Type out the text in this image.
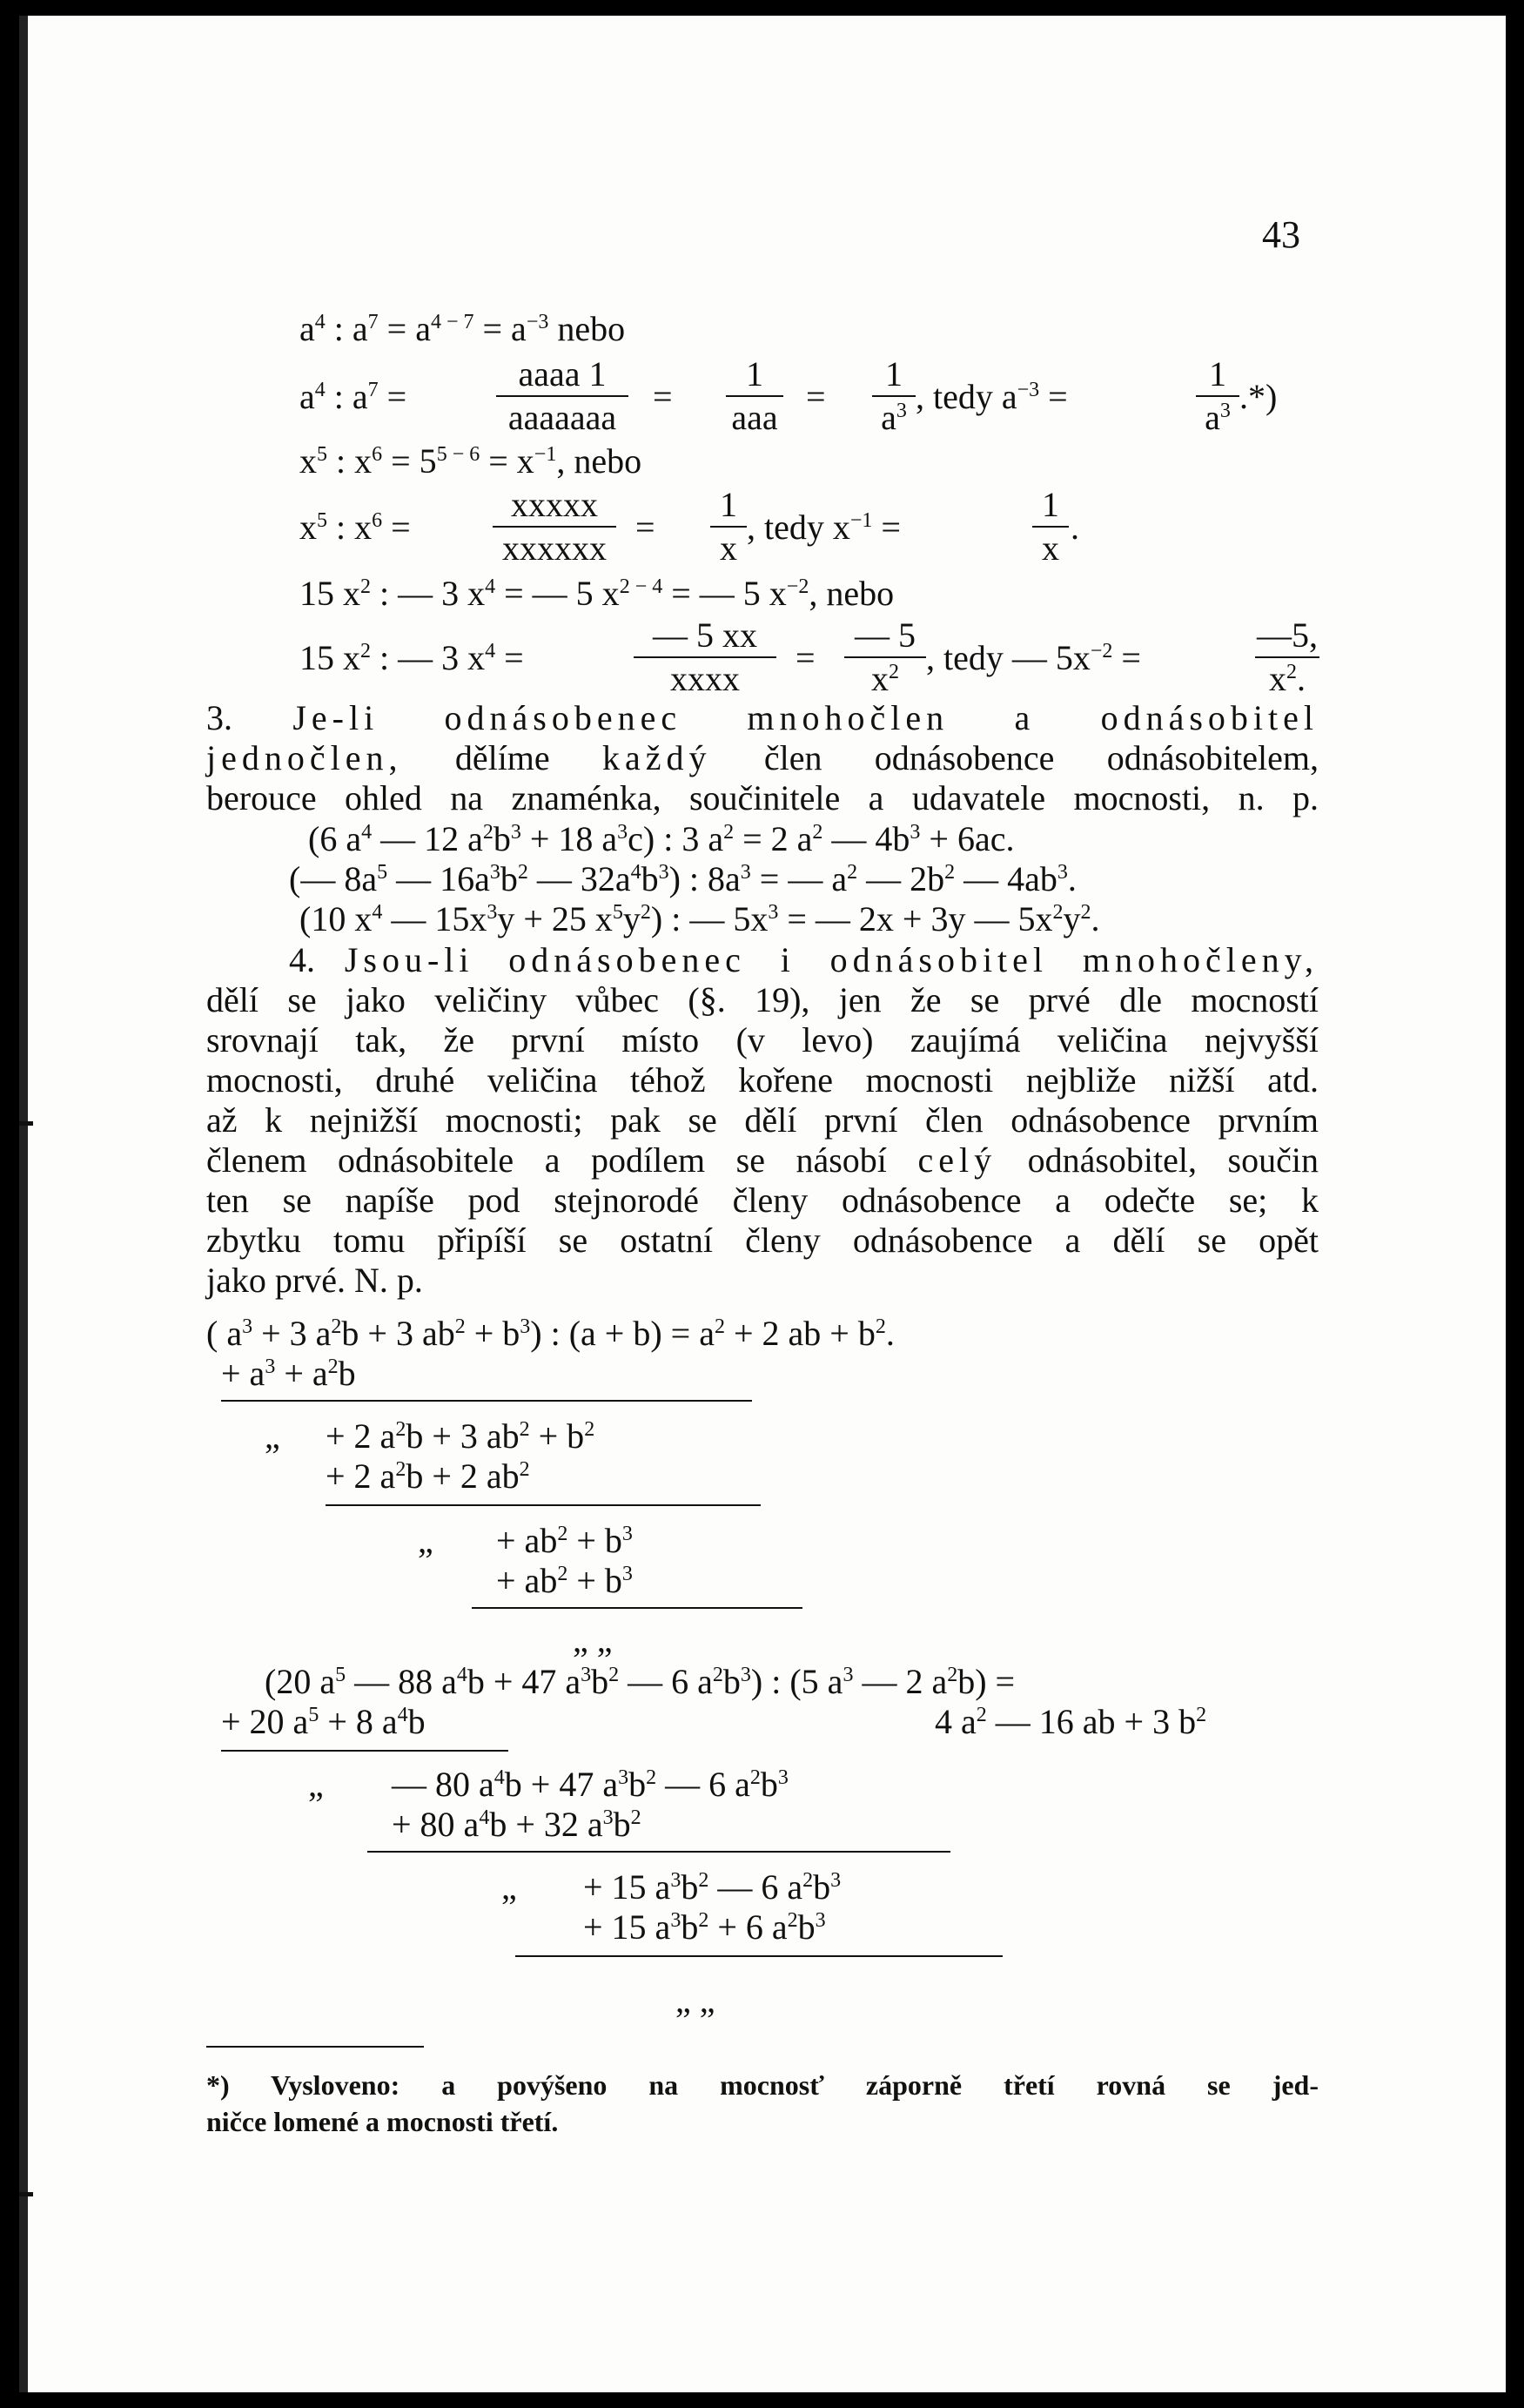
43
$a^4$ : $a^7 = a^{4 - 7} = a^{-3}$ nebo
$a^4$ : $a^7$ =
aaaa 1
aaaaaaa
=
1
aaa
=
1
$a^3$ , tedy $a^{-3}$ =
1
$a^3$ .*)
$x^5$ : $x^6 = 5^{5 - 6} = x^{-1}$, nebo
$x^5$ : $x^6$ =
xxxxx
xxxxxx
=
1
x
, tedy $x^{-1}$ =
1
x
.
15 $x^2$ : — 3 $x^4$ = — 5 $x^{2 - 4}$ = — 5 $x^{-2}$, nebo
15 $x^2$ : — 3 $x^4$ =
— 5 xx
xxxx
=
— 5
$x^2$ , tedy — $5x^{-2}$ =
—5,
$x^2$.
3. Je-li odnásobenec mnohočlen a odnásobitel
jednočlen, dělíme každý člen odnásobence odnásobitelem,
berouce ohled na znaménka, součinitele a udavatele mocnosti, n. p.
(6 $a^4$ — 12 $a^2b^3 + 18$ $a^3c$) : 3 $a^2 = 2$ $a^2$ — $4b^3 + 6ac$.
(— $8a^5$ — $16a^3b^2$ — $32a^4b^3$) : $8a^3$ = — $a^2$ — $2b^2$ — $4ab^3$.
(10 $x^4$ — $15x^3y + 25$ $x^5y^2$) : — $5x^3$ = — 2x + 3y — $5x^2y^2$.
4. Jsou-li odnásobenec i odnásobitel mnohočleny,
dělí se jako veličiny vůbec (§. 19), jen že se prvé dle mocností
srovnají tak, že první místo (v levo) zaujímá veličina nejvyšší
mocnosti, druhé veličina téhož kořene mocnosti nejbliže nižší atd.
až k nejnižší mocnosti; pak se dělí první člen odnásobence prvním
členem odnásobitele a podílem se násobí celý odnásobitel, součin
ten se napíše pod stejnorodé členy odnásobence a odečte se; k
zbytku tomu připíší se ostatní členy odnásobence a dělí se opět
jako prvé. N. p.
( $a^3 + 3$ $a^2b + 3$ $ab^2 + b^3$) : $(a + b) = a^2 + 2$ ab + $b^2$.
+ $a^3 + a^2b$
„ + 2 $a^2b + 3$ $ab^2 + b^2$
+ 2 $a^2b + 2$ $ab^2$
„ + $ab^2 + b^3$
+ $ab^2 + b^3$
„ „
(20 $a^5$ — 88 $a^4b + 47$ $a^3b^2$ — 6 $a^2b^3$) : (5 $a^3$ — 2 $a^2b$) =
+ 20 $a^5 + 8$ $a^4b$	4 $a^2$ — 16 ab + 3 $b^2$
„ — 80 $a^4b + 47$ $a^3b^2$ — 6 $a^2b^3$
+ 80 $a^4b + 32$ $a^3b^2$
„ + 15 $a^3b^2$ — 6 $a^2b^3$
+ 15 $a^3b^2 + 6$ $a^2b^3$
„ „
*) Vysloveno: a povýšeno na mocnosť záporně třetí rovná se jed-
ničce lomené a mocnosti třetí.
